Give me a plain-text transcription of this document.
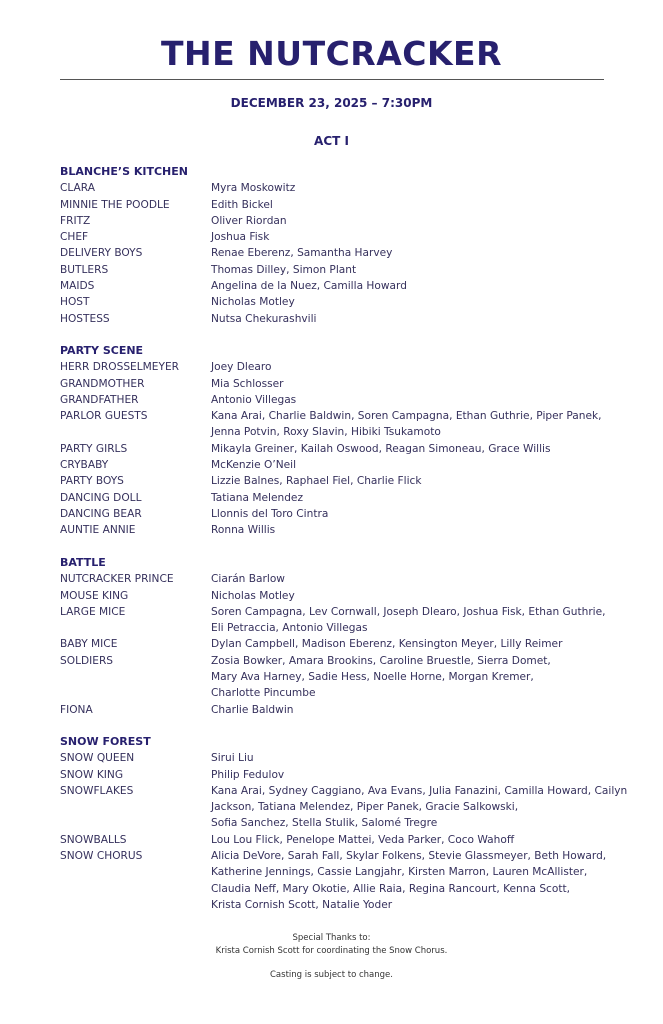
THE NUTCRACKER
DECEMBER 23, 2025 – 7:30PM
ACT I
BLANCHE’S KITCHEN
CLARA	Myra Moskowitz
MINNIE THE POODLE	Edith Bickel
FRITZ	Oliver Riordan
CHEF	Joshua Fisk
DELIVERY BOYS	Renae Eberenz, Samantha Harvey
BUTLERS	Thomas Dilley, Simon Plant
MAIDS	Angelina de la Nuez, Camilla Howard
HOST	Nicholas Motley
HOSTESS	Nutsa Chekurashvili
PARTY SCENE
HERR DROSSELMEYER	Joey Dlearo
GRANDMOTHER	Mia Schlosser
GRANDFATHER	Antonio Villegas
PARLOR GUESTS	Kana Arai, Charlie Baldwin, Soren Campagna, Ethan Guthrie, Piper Panek,
Jenna Potvin, Roxy Slavin, Hibiki Tsukamoto
PARTY GIRLS	Mikayla Greiner, Kailah Oswood, Reagan Simoneau, Grace Willis
CRYBABY	McKenzie O’Neil
PARTY BOYS	Lizzie Balnes, Raphael Fiel, Charlie Flick
DANCING DOLL	Tatiana Melendez
DANCING BEAR	Llonnis del Toro Cintra
AUNTIE ANNIE	Ronna Willis
BATTLE
NUTCRACKER PRINCE	Ciarán Barlow
MOUSE KING	Nicholas Motley
LARGE MICE	Soren Campagna, Lev Cornwall, Joseph Dlearo, Joshua Fisk, Ethan Guthrie,
Eli Petraccia, Antonio Villegas
BABY MICE	Dylan Campbell, Madison Eberenz, Kensington Meyer, Lilly Reimer
SOLDIERS	Zosia Bowker, Amara Brookins, Caroline Bruestle, Sierra Domet,
Mary Ava Harney, Sadie Hess, Noelle Horne, Morgan Kremer,
Charlotte Pincumbe
FIONA	Charlie Baldwin
SNOW FOREST
SNOW QUEEN	Sirui Liu
SNOW KING	Philip Fedulov
SNOWFLAKES	Kana Arai, Sydney Caggiano, Ava Evans, Julia Fanazini, Camilla Howard, Cailyn
Jackson, Tatiana Melendez, Piper Panek, Gracie Salkowski,
Sofia Sanchez, Stella Stulik, Salomé Tregre
SNOWBALLS	Lou Lou Flick, Penelope Mattei, Veda Parker, Coco Wahoff
SNOW CHORUS	Alicia DeVore, Sarah Fall, Skylar Folkens, Stevie Glassmeyer, Beth Howard,
Katherine Jennings, Cassie Langjahr, Kirsten Marron, Lauren McAllister,
Claudia Neff, Mary Okotie, Allie Raia, Regina Rancourt, Kenna Scott,
Krista Cornish Scott, Natalie Yoder
Special Thanks to:
Krista Cornish Scott for coordinating the Snow Chorus.
Casting is subject to change.
